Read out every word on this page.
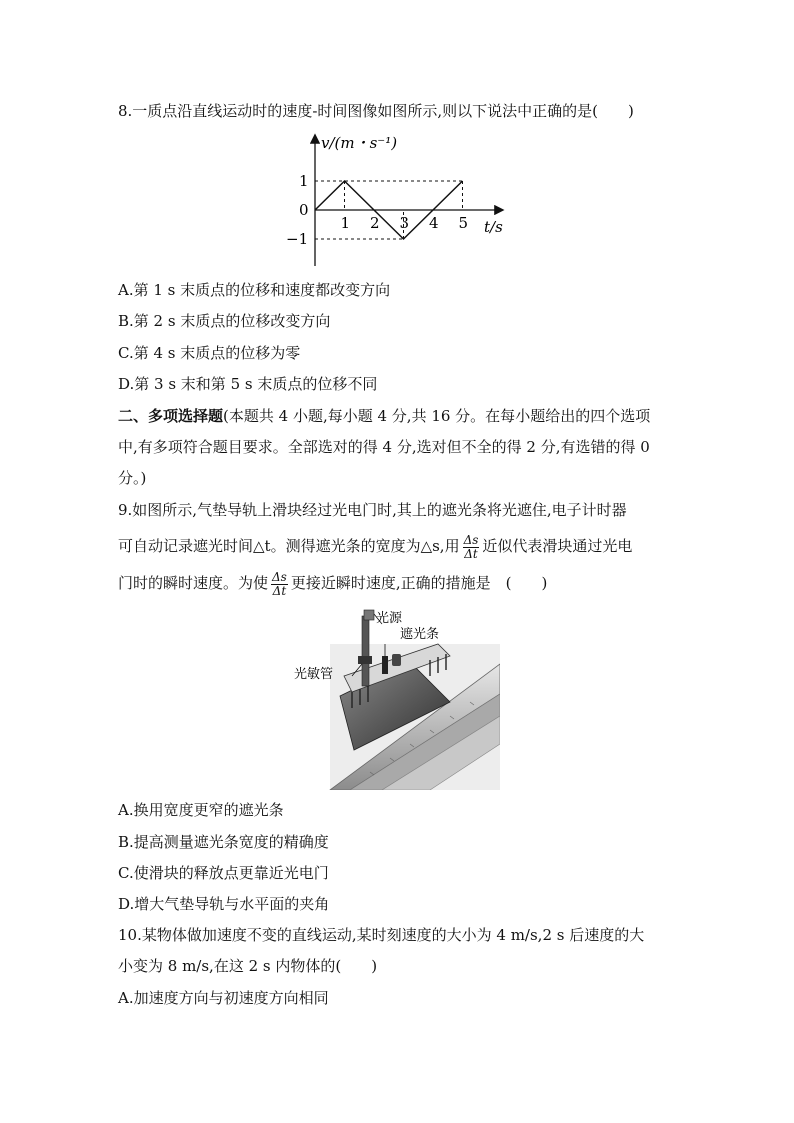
8.一质点沿直线运动时的速度-时间图像如图所示,则以下说法中正确的是(　　)
v/(m・s⁻¹)
t/s
1 2 3 4 5
1
0
−1
A.第 1 s 末质点的位移和速度都改变方向
B.第 2 s 末质点的位移改变方向
C.第 4 s 末质点的位移为零
D.第 3 s 末和第 5 s 末质点的位移不同
二、多项选择题(本题共 4 小题,每小题 4 分,共 16 分。在每小题给出的四个选项
中,有多项符合题目要求。全部选对的得 4 分,选对但不全的得 2 分,有选错的得 0
分。)
9.如图所示,气垫导轨上滑块经过光电门时,其上的遮光条将光遮住,电子计时器
可自动记录遮光时间△t。测得遮光条的宽度为△s,用 $\frac{\Delta s}{\Delta t}$ 近似代表滑块通过光电
门时的瞬时速度。为使 $\frac{\Delta s}{\Delta t}$ 更接近瞬时速度,正确的措施是　(　　)
光源
遮光条
光敏管
A.换用宽度更窄的遮光条
B.提高测量遮光条宽度的精确度
C.使滑块的释放点更靠近光电门
D.增大气垫导轨与水平面的夹角
10.某物体做加速度不变的直线运动,某时刻速度的大小为 4 m/s,2 s 后速度的大
小变为 8 m/s,在这 2 s 内物体的(　　)
A.加速度方向与初速度方向相同
